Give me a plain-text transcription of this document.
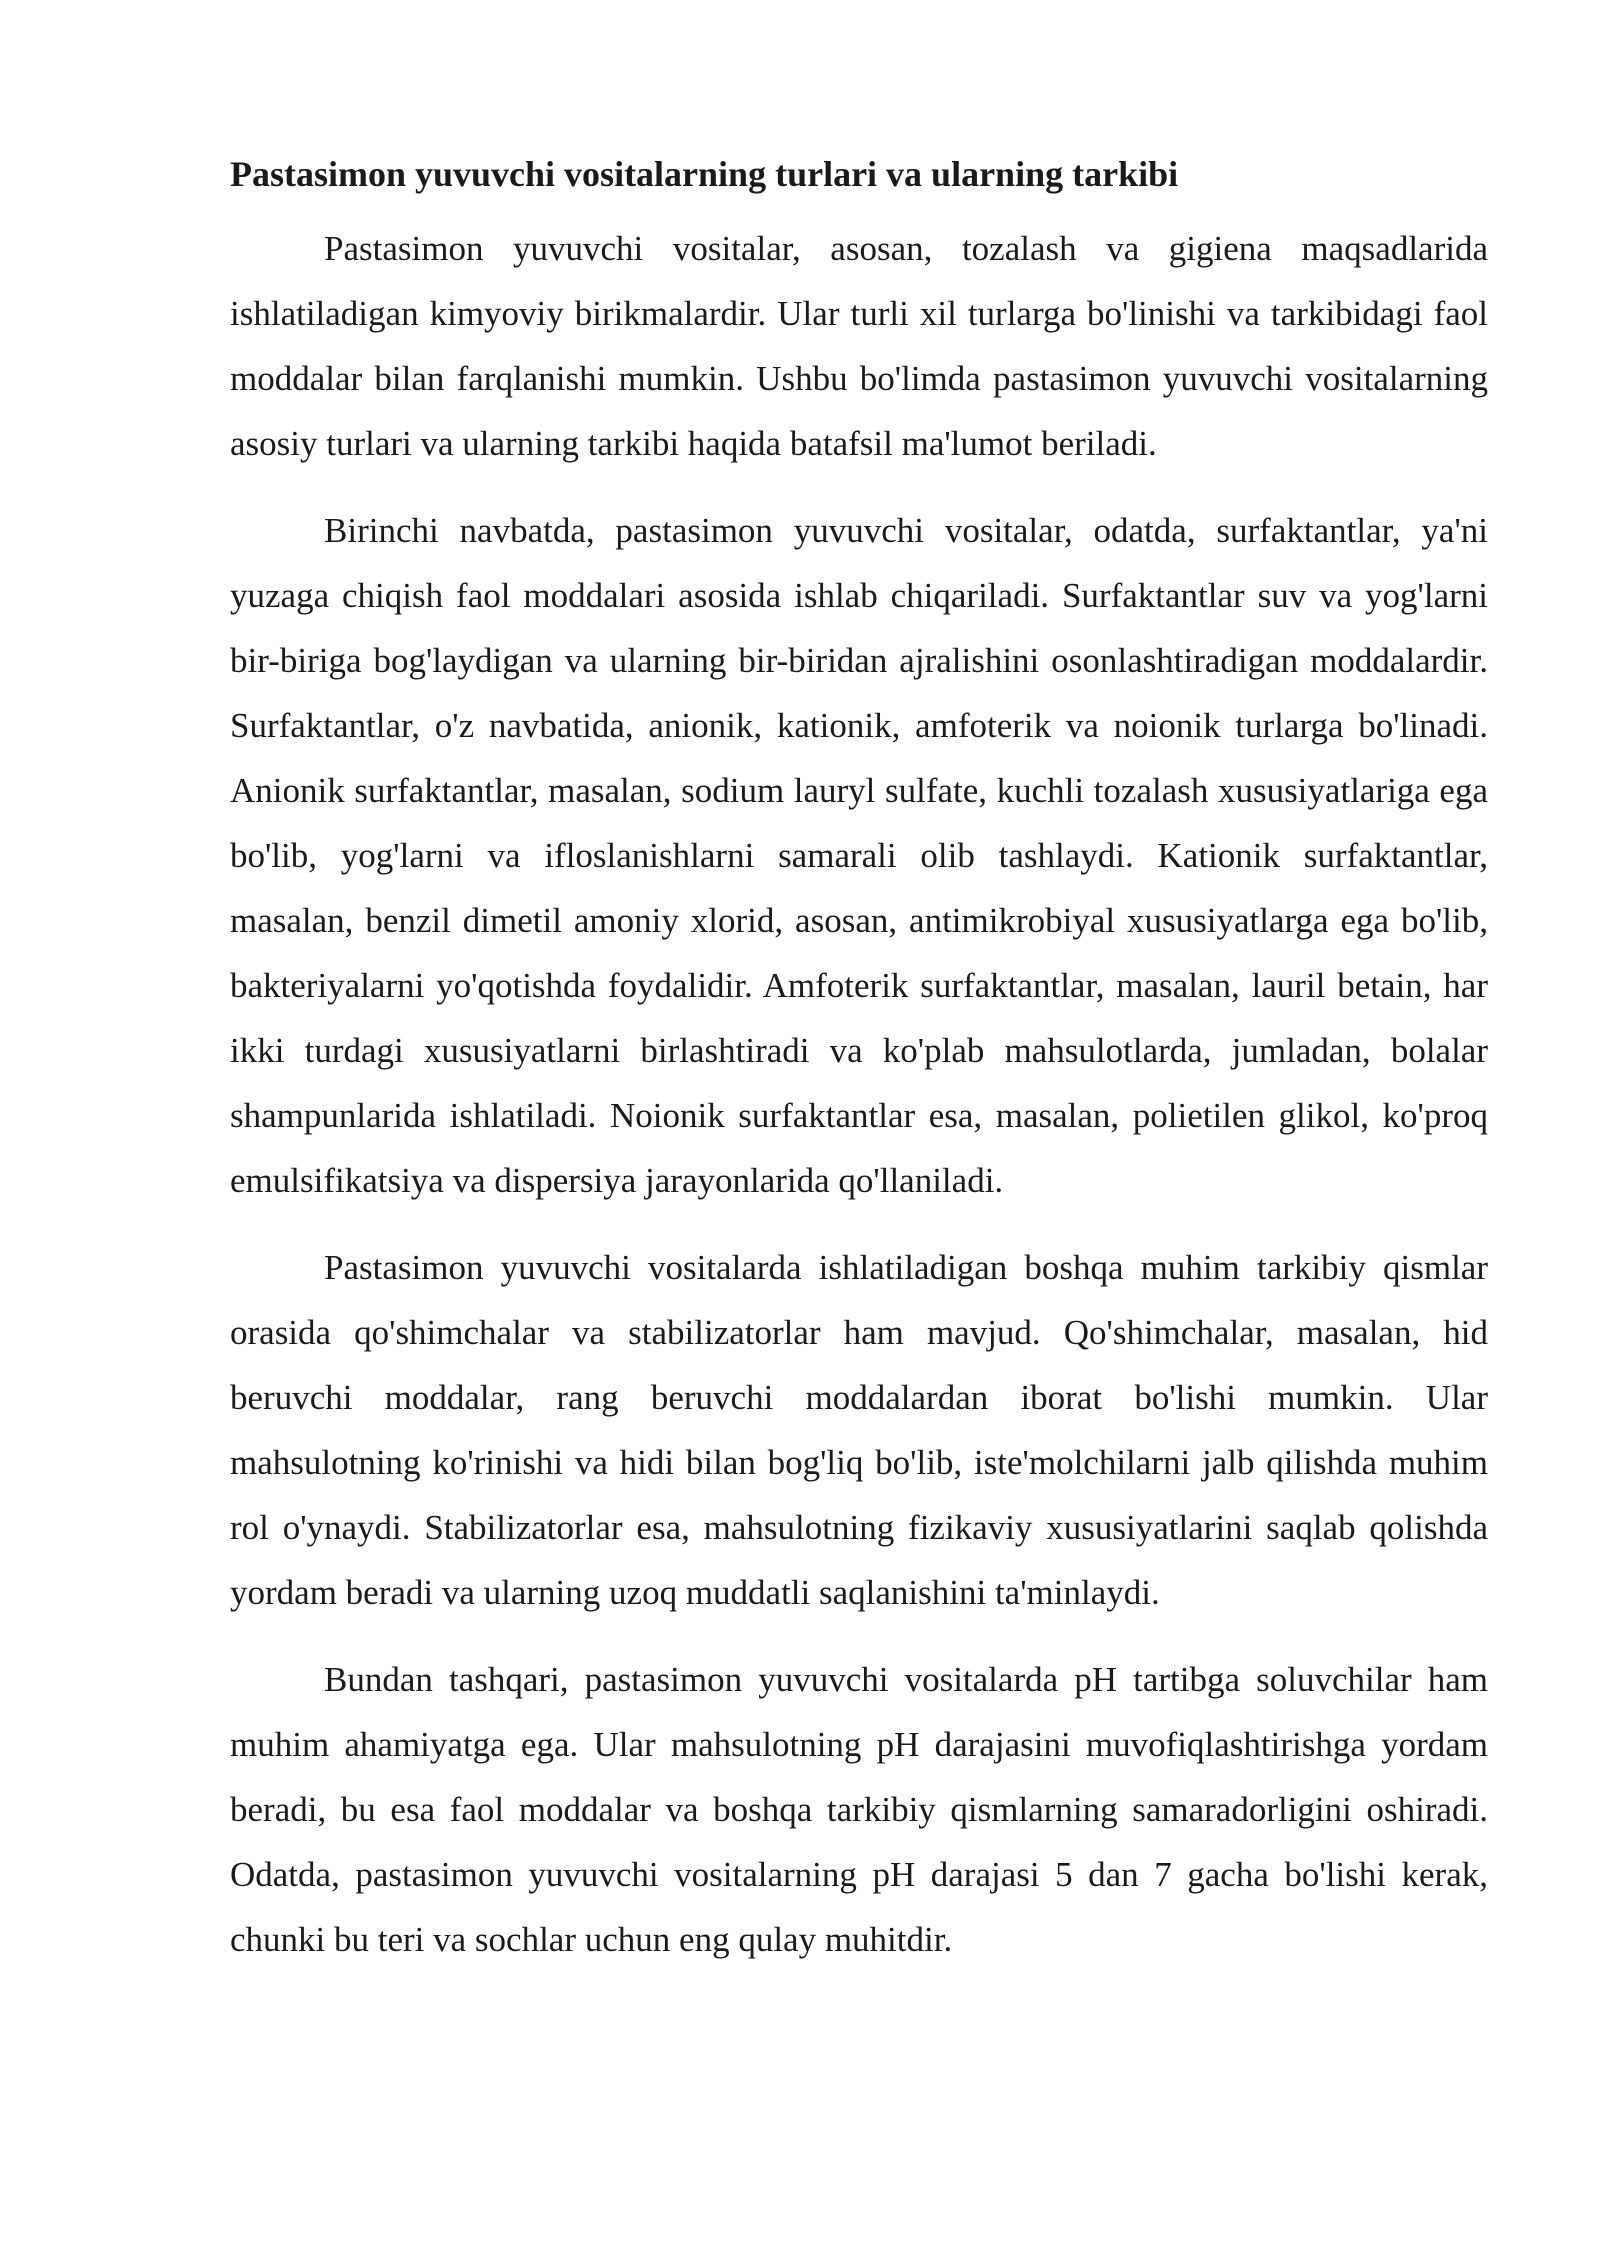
Pastasimon yuvuvchi vositalarning turlari va ularning tarkibi

Pastasimon yuvuvchi vositalar, asosan, tozalash va gigiena maqsadlarida ishlatiladigan kimyoviy birikmalardir. Ular turli xil turlarga bo'linishi va tarkibidagi faol moddalar bilan farqlanishi mumkin. Ushbu bo'limda pastasimon yuvuvchi vositalarning asosiy turlari va ularning tarkibi haqida batafsil ma'lumot beriladi.

Birinchi navbatda, pastasimon yuvuvchi vositalar, odatda, surfaktantlar, ya'ni yuzaga chiqish faol moddalari asosida ishlab chiqariladi. Surfaktantlar suv va yog'larni bir-biriga bog'laydigan va ularning bir-biridan ajralishini osonlashtiradigan moddalardir. Surfaktantlar, o'z navbatida, anionik, kationik, amfoterik va noionik turlarga bo'linadi. Anionik surfaktantlar, masalan, sodium lauryl sulfate, kuchli tozalash xususiyatlariga ega bo'lib, yog'larni va ifloslanishlarni samarali olib tashlaydi. Kationik surfaktantlar, masalan, benzil dimetil amoniy xlorid, asosan, antimikrobiyal xususiyatlarga ega bo'lib, bakteriyalarni yo'qotishda foydalidir. Amfoterik surfaktantlar, masalan, lauril betain, har ikki turdagi xususiyatlarni birlashtiradi va ko'plab mahsulotlarda, jumladan, bolalar shampunlarida ishlatiladi. Noionik surfaktantlar esa, masalan, polietilen glikol, ko'proq emulsifikatsiya va dispersiya jarayonlarida qo'llaniladi.

Pastasimon yuvuvchi vositalarda ishlatiladigan boshqa muhim tarkibiy qismlar orasida qo'shimchalar va stabilizatorlar ham mavjud. Qo'shimchalar, masalan, hid beruvchi moddalar, rang beruvchi moddalardan iborat bo'lishi mumkin. Ular mahsulotning ko'rinishi va hidi bilan bog'liq bo'lib, iste'molchilarni jalb qilishda muhim rol o'ynaydi. Stabilizatorlar esa, mahsulotning fizikaviy xususiyatlarini saqlab qolishda yordam beradi va ularning uzoq muddatli saqlanishini ta'minlaydi.

Bundan tashqari, pastasimon yuvuvchi vositalarda pH tartibga soluvchilar ham muhim ahamiyatga ega. Ular mahsulotning pH darajasini muvofiqlashtirishga yordam beradi, bu esa faol moddalar va boshqa tarkibiy qismlarning samaradorligini oshiradi. Odatda, pastasimon yuvuvchi vositalarning pH darajasi 5 dan 7 gacha bo'lishi kerak, chunki bu teri va sochlar uchun eng qulay muhitdir.
